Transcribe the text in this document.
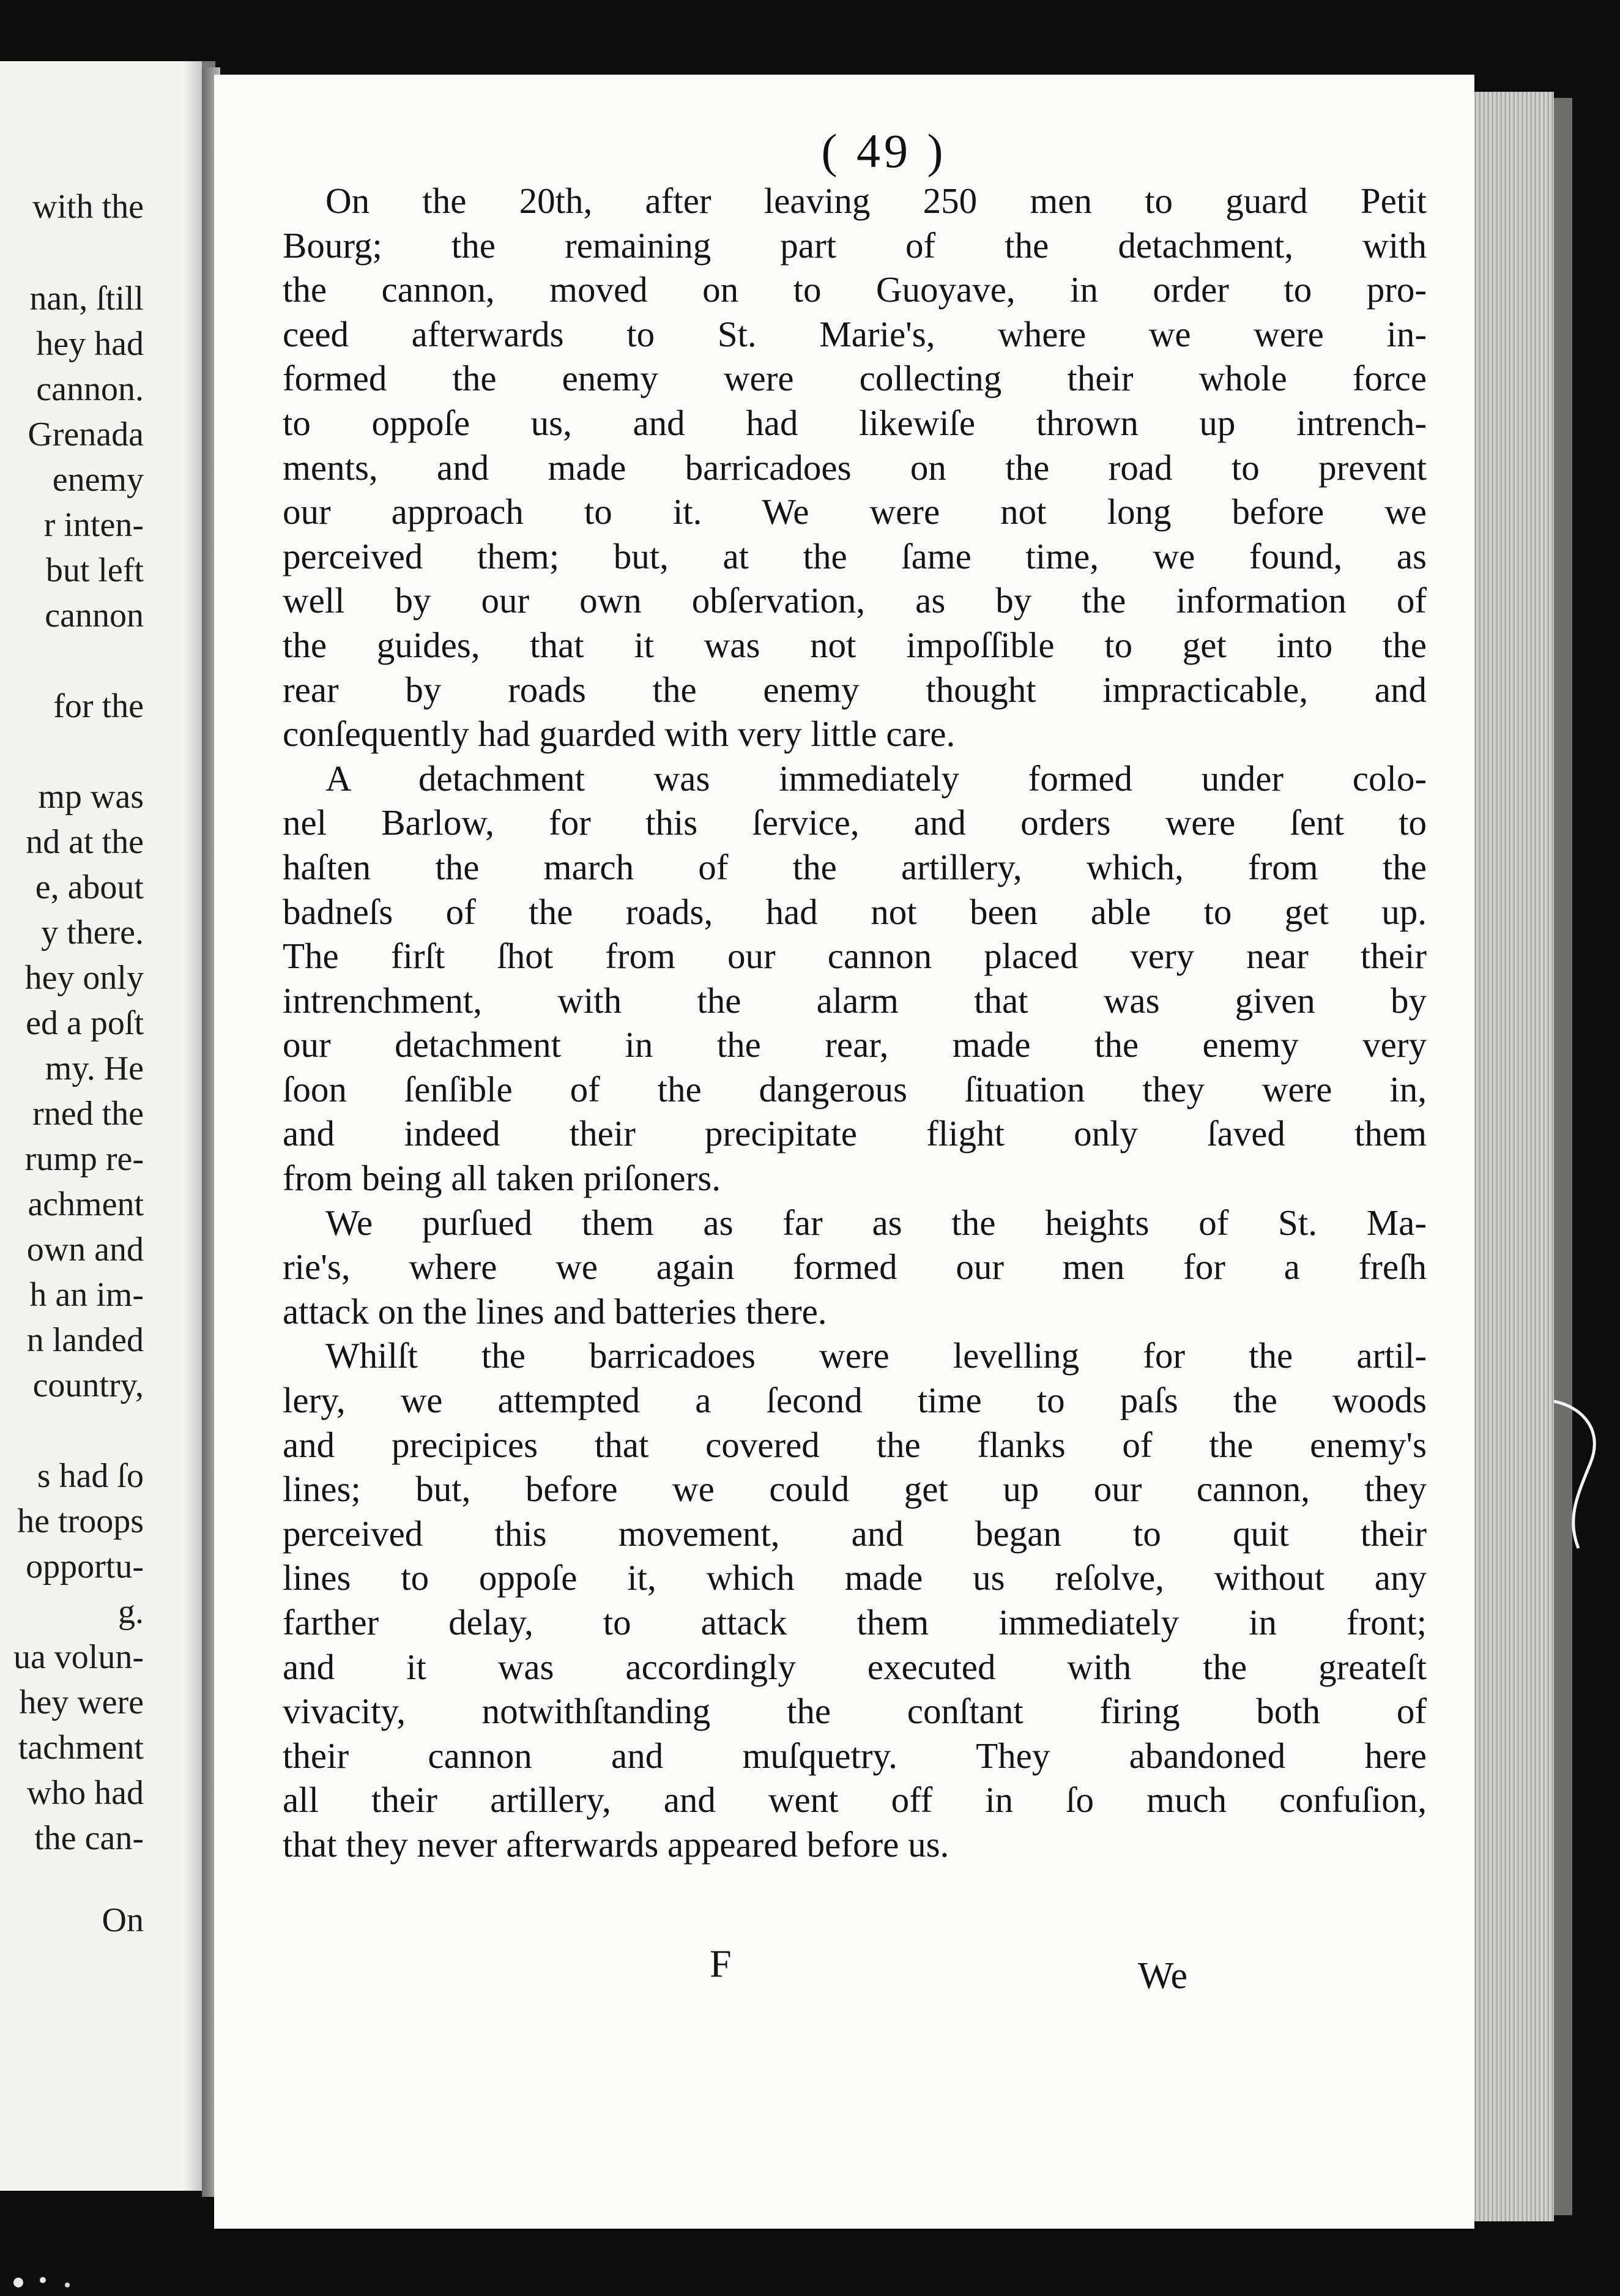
with the
nan, ſtill
hey had
cannon.
Grenada
enemy
r inten-
but left
cannon
for the
mp was
nd at the
e, about
y there.
hey only
ed a poſt
my. He
rned the
rump re-
achment
own and
h an im-
n landed
country,
s had ſo
he troops
opportu-
g.
ua volun-
hey were
tachment
who had
the can-
On
( 49 )
On the 20th, after leaving 250 men to guard Petit
Bourg; the remaining part of the detachment, with
the cannon, moved on to Guoyave, in order to pro-
ceed afterwards to St. Marie's, where we were in-
formed the enemy were collecting their whole force
to oppoſe us, and had likewiſe thrown up intrench-
ments, and made barricadoes on the road to prevent
our approach to it. We were not long before we
perceived them; but, at the ſame time, we found, as
well by our own obſervation, as by the information of
the guides, that it was not impoſſible to get into the
rear by roads the enemy thought impracticable, and
conſequently had guarded with very little care.
A detachment was immediately formed under colo-
nel Barlow, for this ſervice, and orders were ſent to
haſten the march of the artillery, which, from the
badneſs of the roads, had not been able to get up.
The firſt ſhot from our cannon placed very near their
intrenchment, with the alarm that was given by
our detachment in the rear, made the enemy very
ſoon ſenſible of the dangerous ſituation they were in,
and indeed their precipitate flight only ſaved them
from being all taken priſoners.
We purſued them as far as the heights of St. Ma-
rie's, where we again formed our men for a freſh
attack on the lines and batteries there.
Whilſt the barricadoes were levelling for the artil-
lery, we attempted a ſecond time to paſs the woods
and precipices that covered the flanks of the enemy's
lines; but, before we could get up our cannon, they
perceived this movement, and began to quit their
lines to oppoſe it, which made us reſolve, without any
farther delay, to attack them immediately in front;
and it was accordingly executed with the greateſt
vivacity, notwithſtanding the conſtant firing both of
their cannon and muſquetry. They abandoned here
all their artillery, and went off in ſo much confuſion,
that they never afterwards appeared before us.
F	We
